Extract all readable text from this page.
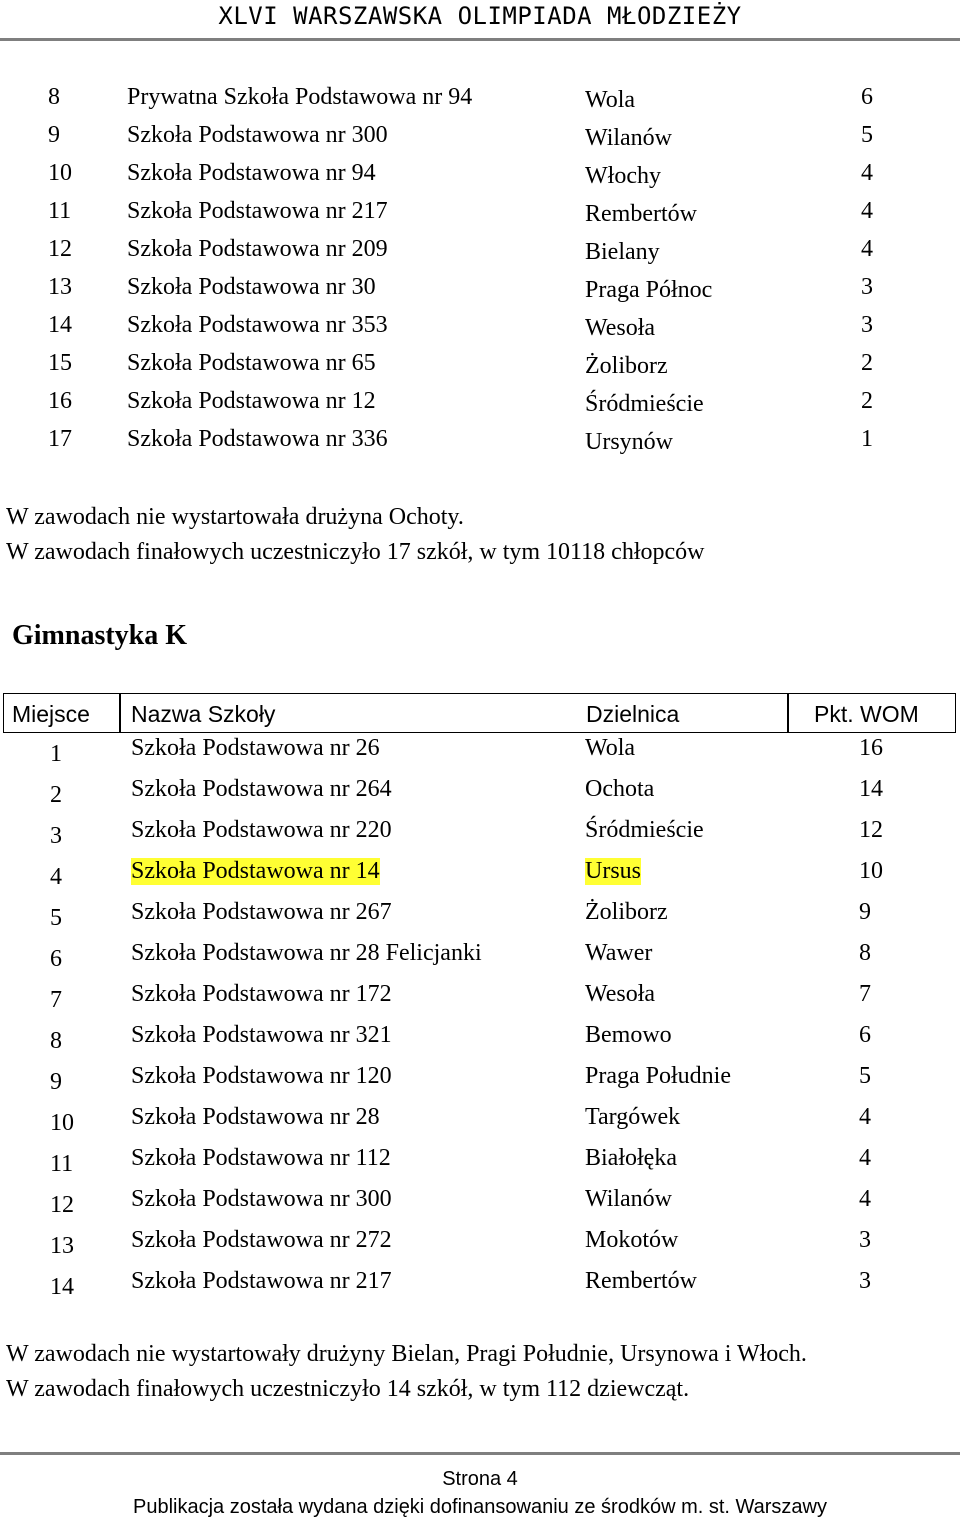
XLVI WARSZAWSKA OLIMPIADA MŁODZIEŻY
8	Prywatna Szkoła Podstawowa nr 94	Wola	6
9	Szkoła Podstawowa nr 300	Wilanów	5
10 Szkoła Podstawowa nr 94	Włochy	4
11 Szkoła Podstawowa nr 217	Rembertów	4
12 Szkoła Podstawowa nr 209	Bielany	4
13 Szkoła Podstawowa nr 30	Praga Północ	3
14 Szkoła Podstawowa nr 353	Wesoła	3
15 Szkoła Podstawowa nr 65	Żoliborz	2
16 Szkoła Podstawowa nr 12	Śródmieście	2
17 Szkoła Podstawowa nr 336	Ursynów	1
W zawodach nie wystartowała drużyna Ochoty.
W zawodach finałowych uczestniczyło 17 szkół, w tym 10118 chłopców
Gimnastyka K
Miejsce Nazwa Szkoły	Dzielnica	Pkt. WOM
1	Szkoła Podstawowa nr 26	Wola	16
2	Szkoła Podstawowa nr 264	Ochota	14
3	Szkoła Podstawowa nr 220	Śródmieście	12
4	Szkoła Podstawowa nr 14	Ursus	10
5	Szkoła Podstawowa nr 267	Żoliborz	9
6	Szkoła Podstawowa nr 28 Felicjanki	Wawer	8
7	Szkoła Podstawowa nr 172	Wesoła	7
8	Szkoła Podstawowa nr 321	Bemowo	6
9	Szkoła Podstawowa nr 120	Praga Południe	5
10 Szkoła Podstawowa nr 28	Targówek	4
11 Szkoła Podstawowa nr 112	Białołęka	4
12 Szkoła Podstawowa nr 300	Wilanów	4
13 Szkoła Podstawowa nr 272	Mokotów	3
14 Szkoła Podstawowa nr 217	Rembertów	3
W zawodach nie wystartowały drużyny Bielan, Pragi Południe, Ursynowa i Włoch.
W zawodach finałowych uczestniczyło 14 szkół, w tym 112 dziewcząt.
Strona 4
Publikacja została wydana dzięki dofinansowaniu ze środków m. st. Warszawy
